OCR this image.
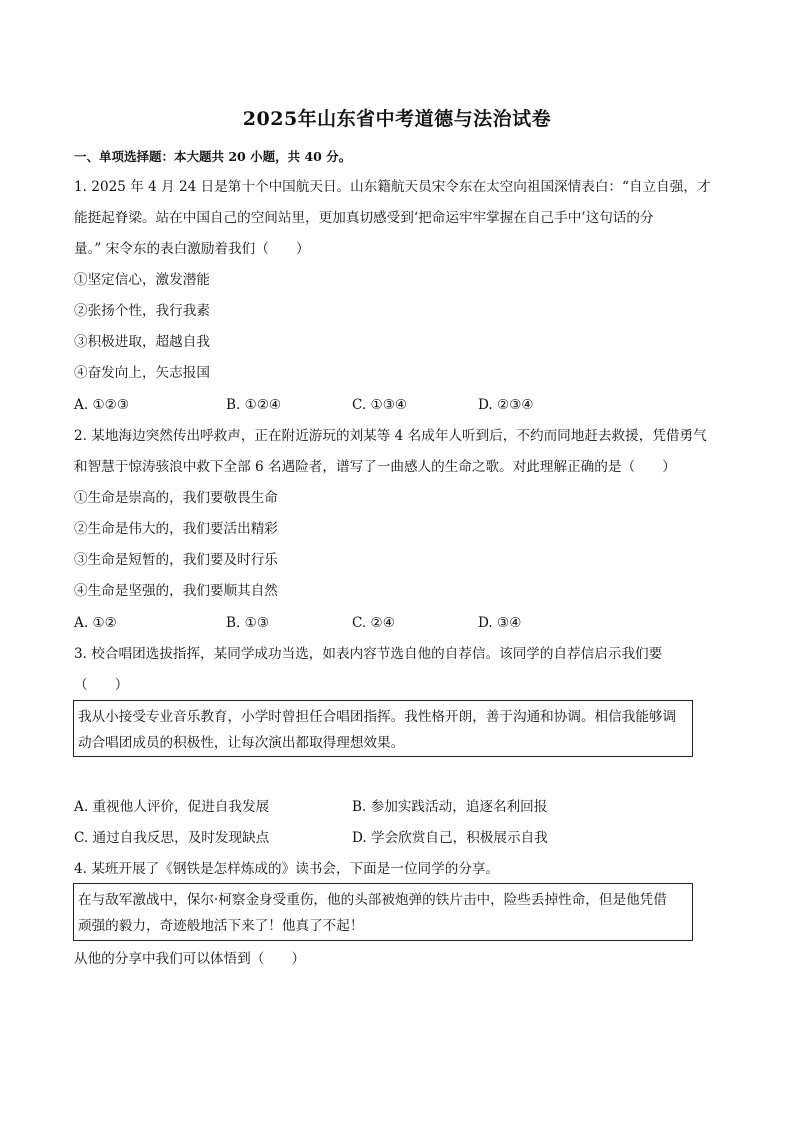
2025年山东省中考道德与法治试卷
一、单项选择题：本大题共 20 小题，共 40 分。
1. 2025 年 4 月 24 日是第十个中国航天日。山东籍航天员宋令东在太空向祖国深情表白：“自立自强，才
能挺起脊梁。站在中国自己的空间站里，更加真切感受到‘把命运牢牢掌握在自己手中’这句话的分
量。” 宋令东的表白激励着我们（　　）
①坚定信心，激发潜能
②张扬个性，我行我素
③积极进取，超越自我
④奋发向上，矢志报国
A. ①②③	B. ①②④	C. ①③④	D. ②③④
2. 某地海边突然传出呼救声，正在附近游玩的刘某等 4 名成年人听到后，不约而同地赶去救援，凭借勇气
和智慧于惊涛骇浪中救下全部 6 名遇险者，谱写了一曲感人的生命之歌。对此理解正确的是（　　）
①生命是崇高的，我们要敬畏生命
②生命是伟大的，我们要活出精彩
③生命是短暂的，我们要及时行乐
④生命是坚强的，我们要顺其自然
A. ①②	B. ①③	C. ②④	D. ③④
3. 校合唱团选拔指挥，某同学成功当选，如表内容节选自他的自荐信。该同学的自荐信启示我们要
（　　）
我从小接受专业音乐教育，小学时曾担任合唱团指挥。我性格开朗，善于沟通和协调。相信我能够调
动合唱团成员的积极性，让每次演出都取得理想效果。
A. 重视他人评价，促进自我发展	B. 参加实践活动，追逐名利回报
C. 通过自我反思，及时发现缺点	D. 学会欣赏自己，积极展示自我
4. 某班开展了《钢铁是怎样炼成的》读书会，下面是一位同学的分享。
在与敌军激战中，保尔·柯察金身受重伤，他的头部被炮弹的铁片击中，险些丢掉性命，但是他凭借
顽强的毅力，奇迹般地活下来了！他真了不起！
从他的分享中我们可以体悟到（　　）
